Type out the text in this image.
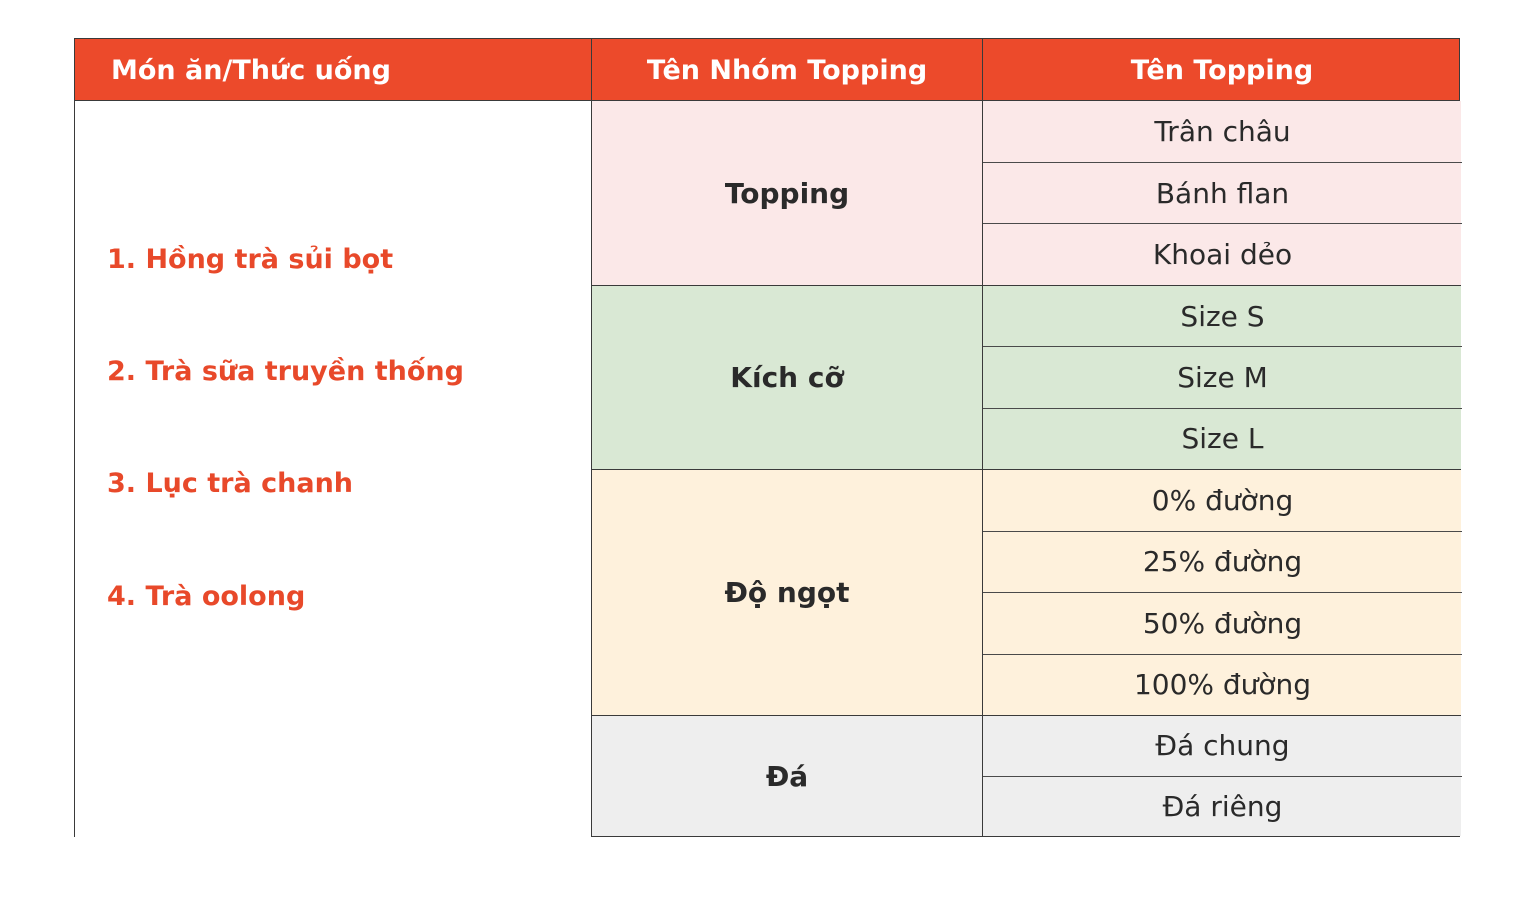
Món ăn/Thức uống	Tên Nhóm Topping	Tên Topping
1. Hồng trà sủi bọt
2. Trà sữa truyền thống
3. Lục trà chanh
4. Trà oolong
Topping
Trân châu
Bánh flan
Khoai dẻo
Kích cỡ
Size S
Size M
Size L
Độ ngọt
0% đường
25% đường
50% đường
100% đường
Đá
Đá chung
Đá riêng
